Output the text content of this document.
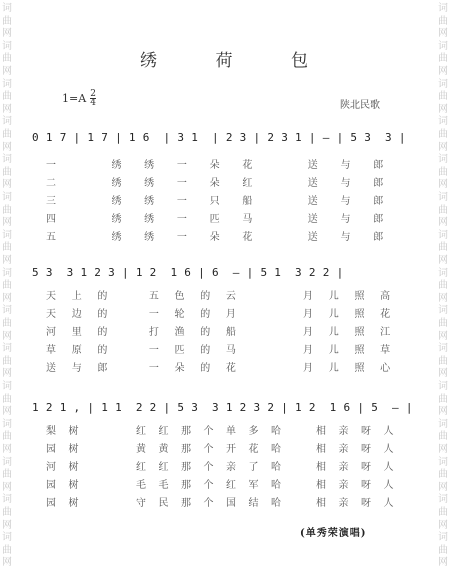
词
曲
网
词
曲
网
词
曲
网
词
曲
网
词
曲
网
词
曲
网
词
曲
网
词
曲
网
词
曲
网
词
曲
网
词
曲
网
词
曲
网
词
曲
网
词
曲
网
词
曲
网
词
曲
网
词
曲
网
词
曲
网
词
曲
网
词
曲
网
词
曲
网
词
曲
网
词
曲
网
词
曲
网
词
曲
网
词
曲
网
词
曲
网
词
曲
网
词
曲
网
词
曲
网
绣	荷	包
$1=A \frac{2}{4}$	陕北民歌
0 1 7 | 1 7 | 1 6  | 3 1  | 2 3 | 2 3 1 | — | 5 3  3 |
一	绣	绣	一	朵	花	送	与	郎
二	绣	绣	一	朵	红	送	与	郎
三	绣	绣	一	只	船	送	与	郎
四	绣	绣	一	匹	马	送	与	郎
五	绣	绣	一	朵	花	送	与	郎
5 3  3 1 2 3 | 1 2  1 6 | 6  — | 5 1  3 2 2 |
天	上	的	五	色	的	云	月	儿	照	高
天	边	的	一	轮	的	月	月	儿	照	花
河	里	的	打	渔	的	船	月	儿	照	江
草	原	的	一	匹	的	马	月	儿	照	草
送	与	郎	一	朵	的	花	月	儿	照	心
1 2 1 , | 1 1  2 2 | 5 3  3 1 2 3 2 | 1 2  1 6 | 5  — |
梨	树	红	红	那	个	单	多	哈	相	亲	呀	人
园	树	黄	黄	那	个	开	花	哈	相	亲	呀	人
河	树	红	红	那	个	亲	了	哈	相	亲	呀	人
园	树	毛	毛	那	个	红	军	哈	相	亲	呀	人
园	树	守	民	那	个	国	结	哈	相	亲	呀	人
(单秀荣演唱)
